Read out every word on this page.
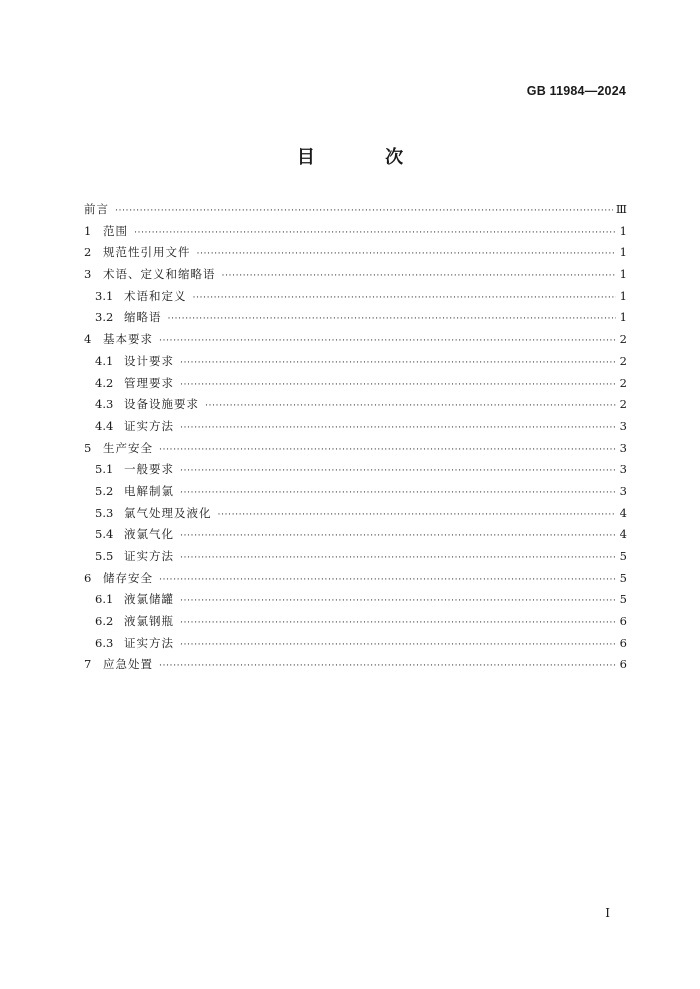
GB 11984—2024
目 次
前言 ·····	Ⅲ
1	范围 ·····	1
2	规范性引用文件 ·····	1
3	术语、定义和缩略语 ·····	1
3.1 术语和定义 ·····	1
3.2 缩略语 ·····	1
4	基本要求 ·····	2
4.1 设计要求 ·····	2
4.2 管理要求 ·····	2
4.3 设备设施要求 ·····	2
4.4 证实方法 ·····	3
5	生产安全 ·····	3
5.1 一般要求 ·····	3
5.2 电解制氯 ·····	3
5.3 氯气处理及液化 ·····	4
5.4 液氯气化 ·····	4
5.5 证实方法 ·····	5
6	储存安全 ·····	5
6.1 液氯储罐 ·····	5
6.2 液氯钢瓶 ·····	6
6.3 证实方法 ·····	6
7	应急处置 ·····	6
Ⅰ
